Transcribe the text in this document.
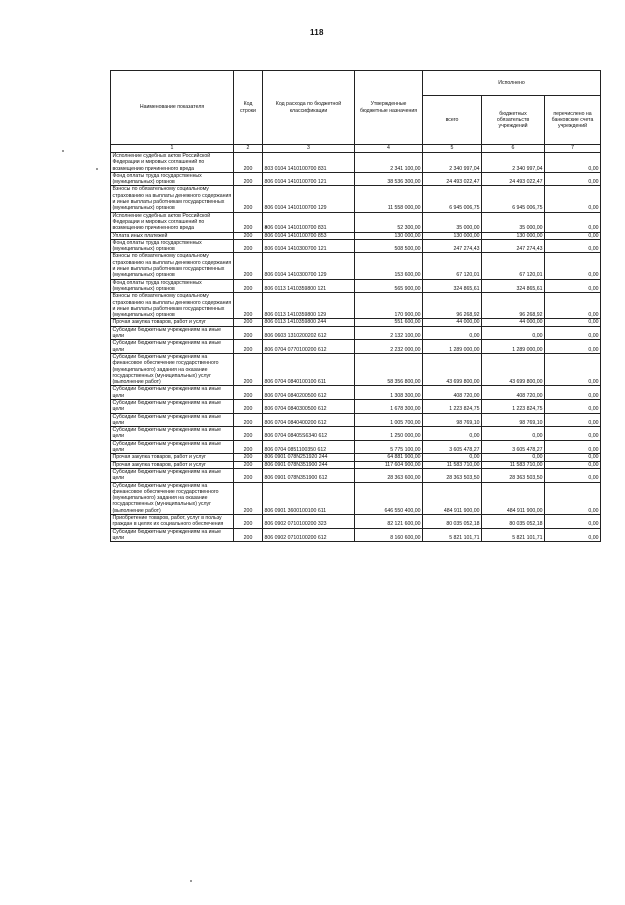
118
Наименование показателя	Код строки	Код расхода по бюджетной классификации	Утвержденные бюджетные назначения	Исполнено		
				всего	бюджетных обязательств учреждений	перечислено на банковские счета учреждений
1	2	3	4	5	6	7
Исполнение судебных актов Российской Федерации и мировых соглашений по возмещению причиненного вреда	200	803 0104 1410100700 831	2 341 100,00	2 340 997,04	2 340 997,04	0,00
Фонд оплаты труда государственных (муниципальных) органов	200	806 0104 1410100700 121	38 536 300,00	24 493 022,47	24 493 022,47	0,00
Взносы по обязательному социальному страхованию на выплаты денежного содержания и иные выплаты работникам государственных (муниципальных) органов	200	806 0104 1410100700 129	11 558 000,00	6 945 006,75	6 945 006,75	0,00
Исполнение судебных актов Российской Федерации и мировых соглашений по возмещению причиненного вреда	200	806 0104 1410100700 831	52 300,00	35 000,00	35 000,00	0,00
Уплата иных платежей	200	806 0104 1410100700 853	130 000,00	130 000,00	130 000,00	0,00
Фонд оплаты труда государственных (муниципальных) органов	200	806 0104 1410300700 121	508 500,00	247 274,43	247 274,43	0,00
Взносы по обязательному социальному страхованию на выплаты денежного содержания и иные выплаты работникам государственных (муниципальных) органов	200	806 0104 1410300700 129	153 600,00	67 120,01	67 120,01	0,00
Фонд оплаты труда государственных (муниципальных) органов	200	806 0113 1410359800 121	565 900,00	324 865,61	324 865,61	0,00
Взносы по обязательному социальному страхованию на выплаты денежного содержания и иные выплаты работникам государственных (муниципальных) органов	200	806 0113 1410359800 129	170 900,00	96 268,92	96 268,92	0,00
Прочая закупка товаров, работ и услуг	200	806 0113 1410359800 244	551 600,00	44 000,00	44 000,00	0,00
Субсидии бюджетным учреждениям на иные цели	200	806 0603 1310200202 612	2 132 100,00	0,00	0,00	0,00
Субсидии бюджетным учреждениям на иные цели	200	806 0704 0770100200 612	2 232 000,00	1 289 000,00	1 289 000,00	0,00
Субсидии бюджетным учреждениям на финансовое обеспечение государственного (муниципального) задания на оказание государственных (муниципальных) услуг (выполнение работ)	200	806 0704 0840100100 611	58 356 800,00	43 699 800,00	43 699 800,00	0,00
Субсидии бюджетным учреждениям на иные цели	200	806 0704 0840200500 612	1 308 300,00	408 720,00	408 720,00	0,00
Субсидии бюджетным учреждениям на иные цели	200	806 0704 0840300500 612	1 678 300,00	1 223 824,75	1 223 824,75	0,00
Субсидии бюджетным учреждениям на иные цели	200	806 0704 0840400200 612	1 005 700,00	98 769,10	98 769,10	0,00
Субсидии бюджетным учреждениям на иные цели	200	806 0704 08405S6340 612	1 250 000,00	0,00	0,00	0,00
Субсидии бюджетным учреждениям на иные цели	200	806 0704 0851100350 612	5 775 100,00	3 605 478,27	3 605 478,27	0,00
Прочая закупка товаров, работ и услуг	200	806 0901 078N251920 244	64 881 900,00	0,00	0,00	0,00
Прочая закупка товаров, работ и услуг	200	806 0901 078N351900 244	117 604 900,00	11 583 710,00	11 583 710,00	0,00
Субсидии бюджетным учреждениям на иные цели	200	806 0901 078N351900 612	28 363 600,00	28 363 503,50	28 363 503,50	0,00
Субсидии бюджетным учреждениям на финансовое обеспечение государственного (муниципального) задания на оказание государственных (муниципальных) услуг (выполнение работ)	200	806 0901 3600100100 611	646 550 400,00	484 911 900,00	484 911 900,00	0,00
Приобретение товаров, работ, услуг в пользу граждан в целях их социального обеспечения	200	806 0902 0710100200 323	82 121 600,00	80 035 052,18	80 035 052,18	0,00
Субсидии бюджетным учреждениям на иные цели	200	806 0902 0710100200 612	8 160 600,00	5 821 101,71	5 821 101,71	0,00
